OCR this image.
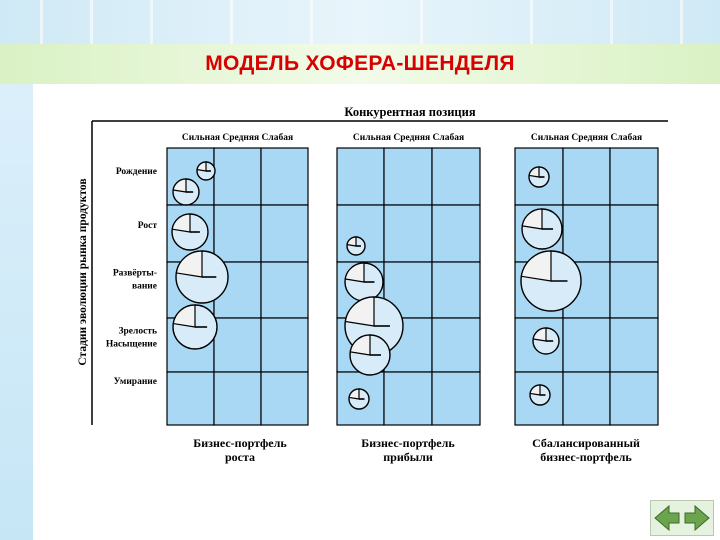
МОДЕЛЬ ХОФЕРА-ШЕНДЕЛЯ
Конкурентная позиция
Стадии эволюции рынка продуктов
Рождение
Рост
Развёрты-
вание
Зрелость
Насыщение
Умирание
Сильная Средняя Слабая
Бизнес-портфель
роста
Сильная Средняя Слабая
Бизнес-портфель
прибыли
Сильная Средняя Слабая
Сбалансированный
бизнес-портфель
